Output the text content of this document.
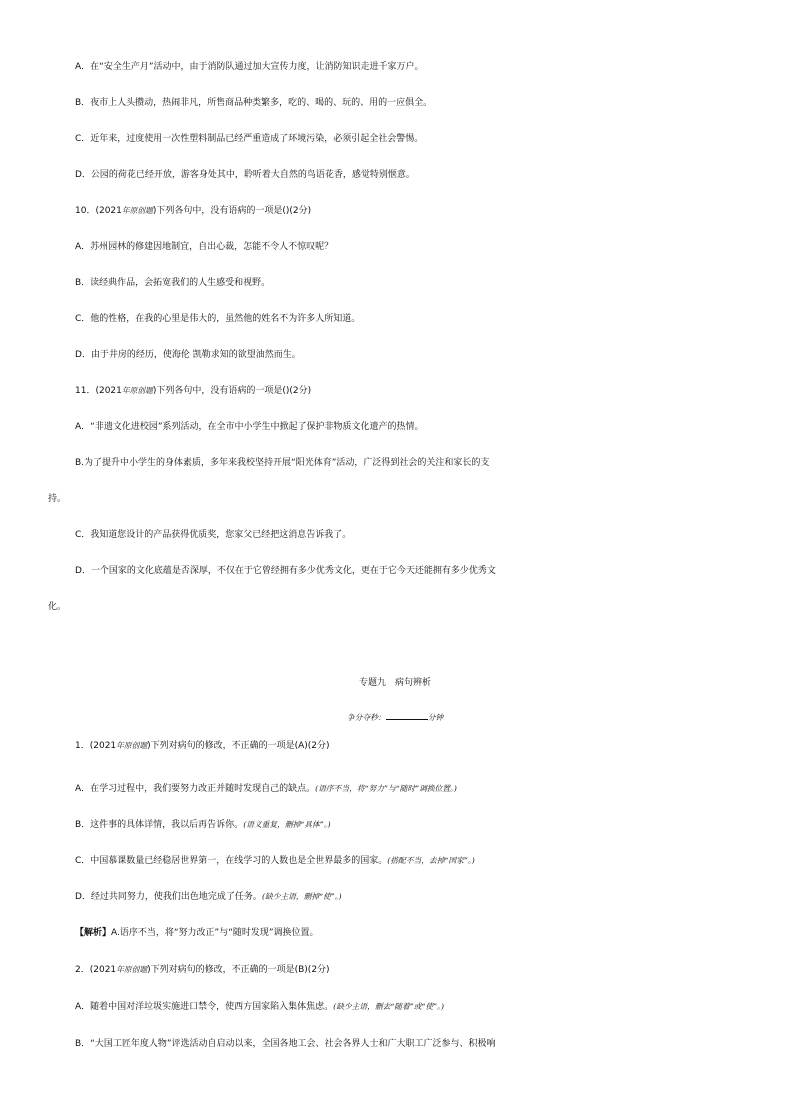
A．在“安全生产月”活动中，由于消防队通过加大宣传力度，让消防知识走进千家万户。
B．夜市上人头攒动，热闹非凡，所售商品种类繁多，吃的、喝的、玩的、用的一应俱全。
C．近年来，过度使用一次性塑料制品已经严重造成了环境污染，必须引起全社会警惕。
D．公园的荷花已经开放，游客身处其中，聆听着大自然的鸟语花香，感觉特别惬意。
10．(2021年原创题)下列各句中，没有语病的一项是()(2分)
A．苏州园林的修建因地制宜，自出心裁，怎能不令人不惊叹呢？
B．读经典作品，会拓宽我们的人生感受和视野。
C．他的性格，在我的心里是伟大的，虽然他的姓名不为许多人所知道。
D．由于井房的经历，使海伦 凯勒求知的欲望油然而生。
11．(2021年原创题)下列各句中，没有语病的一项是()(2分)
A．“非遗文化进校园”系列活动，在全市中小学生中掀起了保护非物质文化遗产的热情。
B.为了提升中小学生的身体素质，多年来我校坚持开展“阳光体育”活动，广泛得到社会的关注和家长的支
持。
C．我知道您设计的产品获得优质奖，您家父已经把这消息告诉我了。
D．一个国家的文化底蕴是否深厚，不仅在于它曾经拥有多少优秀文化，更在于它今天还能拥有多少优秀文
化。
专题九　病句辨析
争分夺秒：	分钟
1．(2021年原创题)下列对病句的修改，不正确的一项是(A)(2分)
A．在学习过程中，我们要努力改正并随时发现自己的缺点。(语序不当，将“努力”与“随时”调换位置。)
B．这件事的具体详情，我以后再告诉你。(语义重复，删掉“具体”。)
C．中国慕课数量已经稳居世界第一，在线学习的人数也是全世界最多的国家。(搭配不当，去掉“国家”。)
D．经过共同努力，使我们出色地完成了任务。(缺少主语，删掉“使”。)
【解析】A.语序不当，将“努力改正”与“随时发现”调换位置。
2．(2021年原创题)下列对病句的修改，不正确的一项是(B)(2分)
A．随着中国对洋垃圾实施进口禁令，使西方国家陷入集体焦虑。(缺少主语，删去“随着”或“使”。)
B．“大国工匠年度人物”评选活动自启动以来，全国各地工会、社会各界人士和广大职工广泛参与、积极响
